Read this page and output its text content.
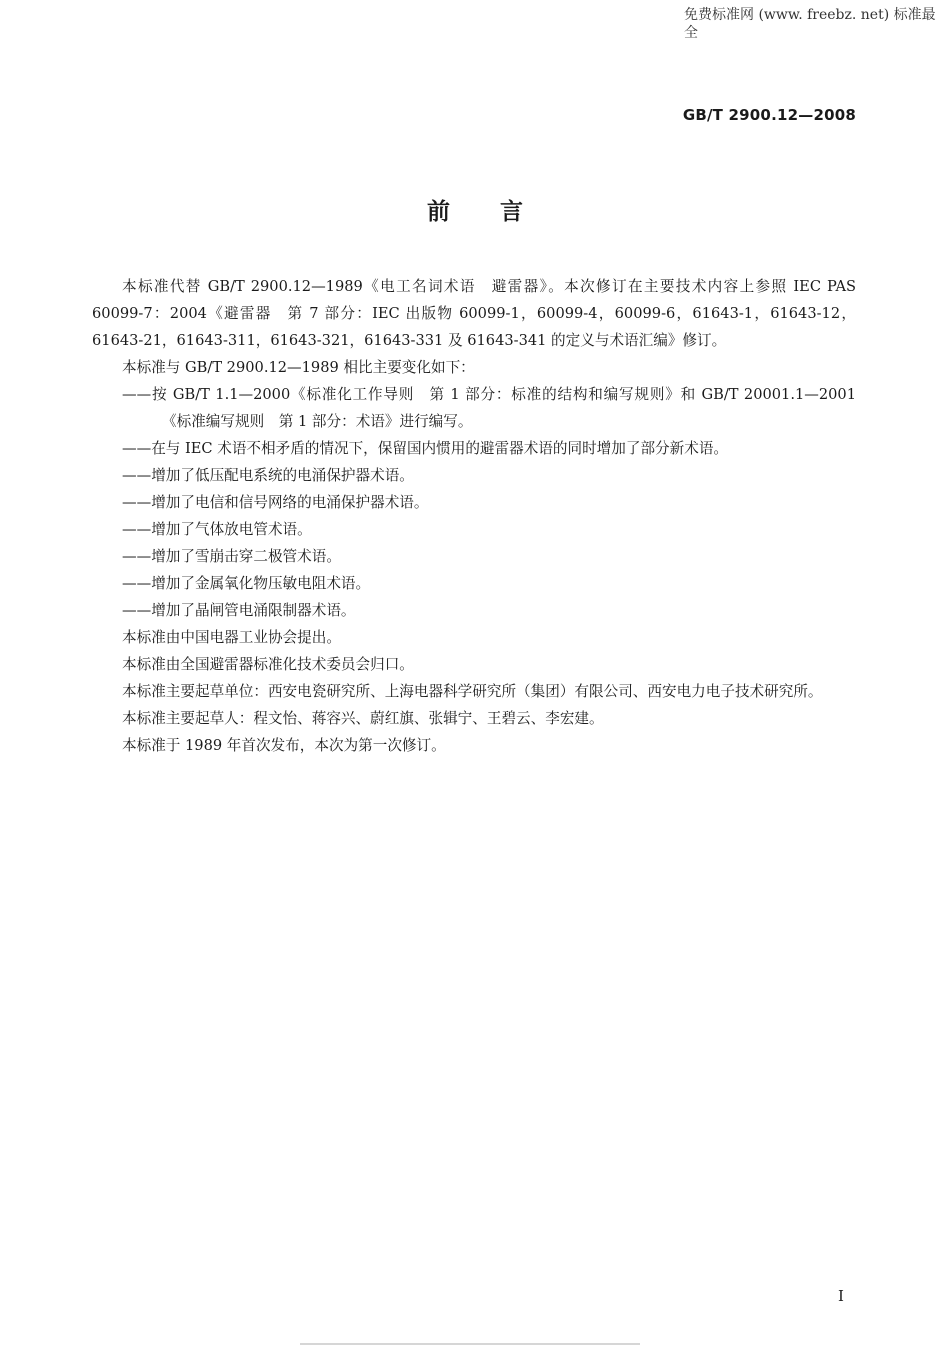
免费标准网 (www. freebz. net) 标准最全
GB/T 2900.12—2008
前言

本标准代替 GB/T 2900.12—1989《电工名词术语　避雷器》。本次修订在主要技术内容上参照 IEC PAS 60099-7：2004《避雷器　第 7 部分：IEC 出版物 60099-1，60099-4，60099-6，61643-1，61643-12，61643-21，61643-311，61643-321，61643-331 及 61643-341 的定义与术语汇编》修订。

本标准与 GB/T 2900.12—1989 相比主要变化如下：

——按 GB/T 1.1—2000《标准化工作导则　第 1 部分：标准的结构和编写规则》和 GB/T 20001.1—2001《标准编写规则　第 1 部分：术语》进行编写。

——在与 IEC 术语不相矛盾的情况下，保留国内惯用的避雷器术语的同时增加了部分新术语。

——增加了低压配电系统的电涌保护器术语。

——增加了电信和信号网络的电涌保护器术语。

——增加了气体放电管术语。

——增加了雪崩击穿二极管术语。

——增加了金属氧化物压敏电阻术语。

——增加了晶闸管电涌限制器术语。

本标准由中国电器工业协会提出。

本标准由全国避雷器标准化技术委员会归口。

本标准主要起草单位：西安电瓷研究所、上海电器科学研究所（集团）有限公司、西安电力电子技术研究所。

本标准主要起草人：程文怡、蒋容兴、蔚红旗、张辑宁、王碧云、李宏建。

本标准于 1989 年首次发布，本次为第一次修订。

I
